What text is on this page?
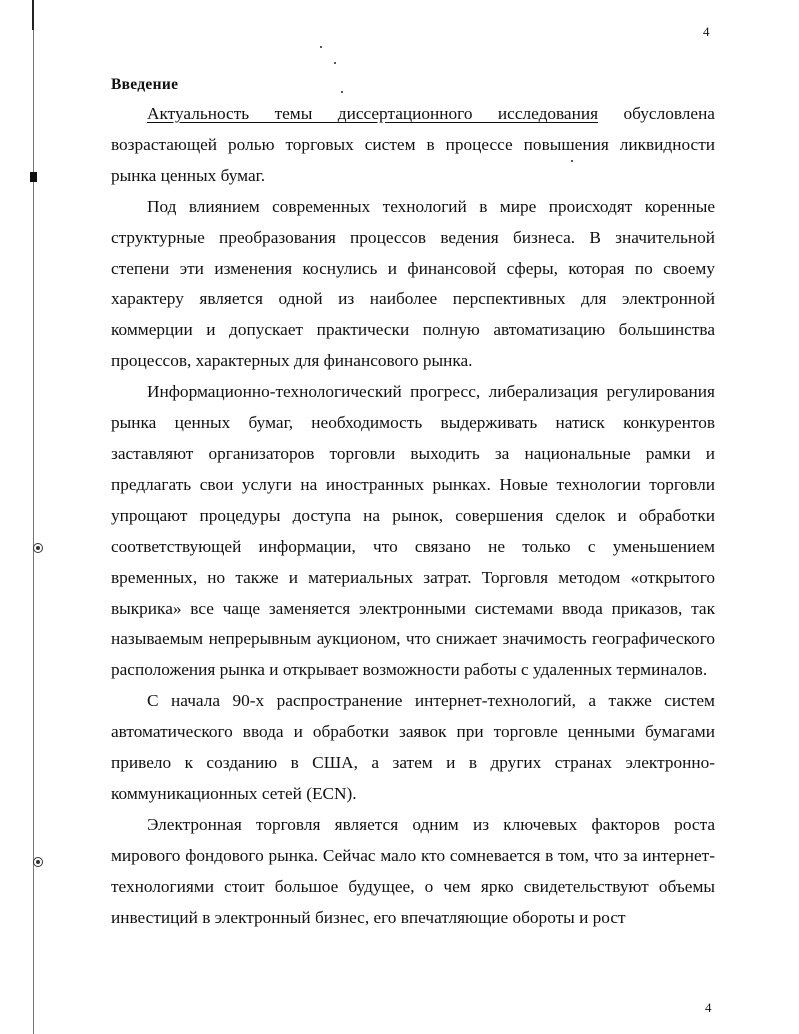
4
Введение

Актуальность темы диссертационного исследования обусловлена возрастающей ролью торговых систем в процессе повышения ликвидности рынка ценных бумаг.

Под влиянием современных технологий в мире происходят коренные структурные преобразования процессов ведения бизнеса. В значительной степени эти изменения коснулись и финансовой сферы, которая по своему характеру является одной из наиболее перспективных для электронной коммерции и допускает практически полную автоматизацию большинства процессов, характерных для финансового рынка.

Информационно-технологический прогресс, либерализация регулирования рынка ценных бумаг, необходимость выдерживать натиск конкурентов заставляют организаторов торговли выходить за национальные рамки и предлагать свои услуги на иностранных рынках. Новые технологии торговли упрощают процедуры доступа на рынок, совершения сделок и обработки соответствующей информации, что связано не только с уменьшением временных, но также и материальных затрат. Торговля методом «открытого выкрика» все чаще заменяется электронными системами ввода приказов, так называемым непрерывным аукционом, что снижает значимость географического расположения рынка и открывает возможности работы с удаленных терминалов.

С начала 90-х распространение интернет-технологий, а также систем автоматического ввода и обработки заявок при торговле ценными бумагами привело к созданию в США, а затем и в других странах электронно-коммуникационных сетей (ECN).

Электронная торговля является одним из ключевых факторов роста мирового фондового рынка. Сейчас мало кто сомневается в том, что за интернет-технологиями стоит большое будущее, о чем ярко свидетельствуют объемы инвестиций в электронный бизнес, его впечатляющие обороты и рост

4
